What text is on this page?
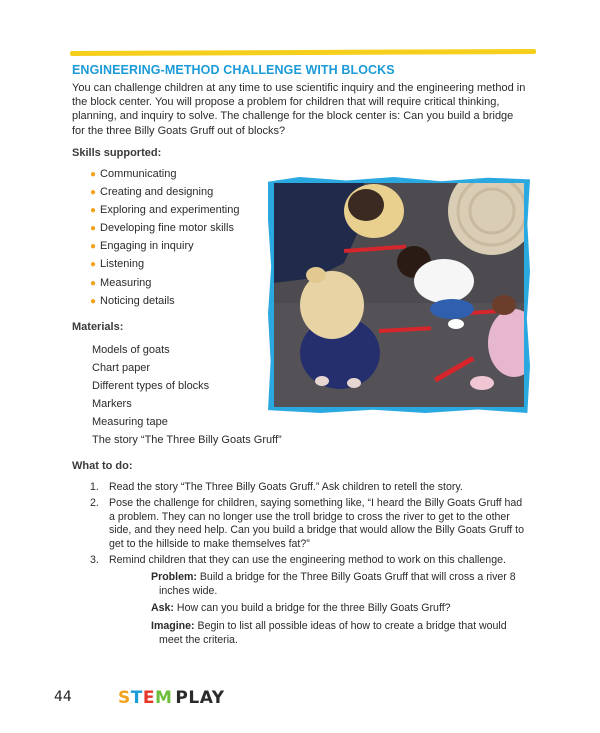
ENGINEERING-METHOD CHALLENGE WITH BLOCKS

You can challenge children at any time to use scientific inquiry and the engineering method in the block center. You will propose a problem for children that will require critical thinking, planning, and inquiry to solve. The challenge for the block center is: Can you build a bridge for the three Billy Goats Gruff out of blocks?

Skills supported:

● Communicating
● Creating and designing
● Exploring and experimenting
● Developing fine motor skills
● Engaging in inquiry
● Listening
● Measuring
● Noticing details

Materials:

Models of goats
Chart paper
Different types of blocks
Markers
Measuring tape
The story “The Three Billy Goats Gruff”

What to do:

1. Read the story “The Three Billy Goats Gruff.” Ask children to retell the story.
2. Pose the challenge for children, saying something like, “I heard the Billy Goats Gruff had a problem. They can no longer use the troll bridge to cross the river to get to the other side, and they need help. Can you build a bridge that would allow the Billy Goats Gruff to get to the hillside to make themselves fat?”
3. Remind children that they can use the engineering method to work on this challenge.
Problem: Build a bridge for the Three Billy Goats Gruff that will cross a river 8 inches wide.
Ask: How can you build a bridge for the three Billy Goats Gruff?
Imagine: Begin to list all possible ideas of how to create a bridge that would meet the criteria.
44	STEM PLAY
